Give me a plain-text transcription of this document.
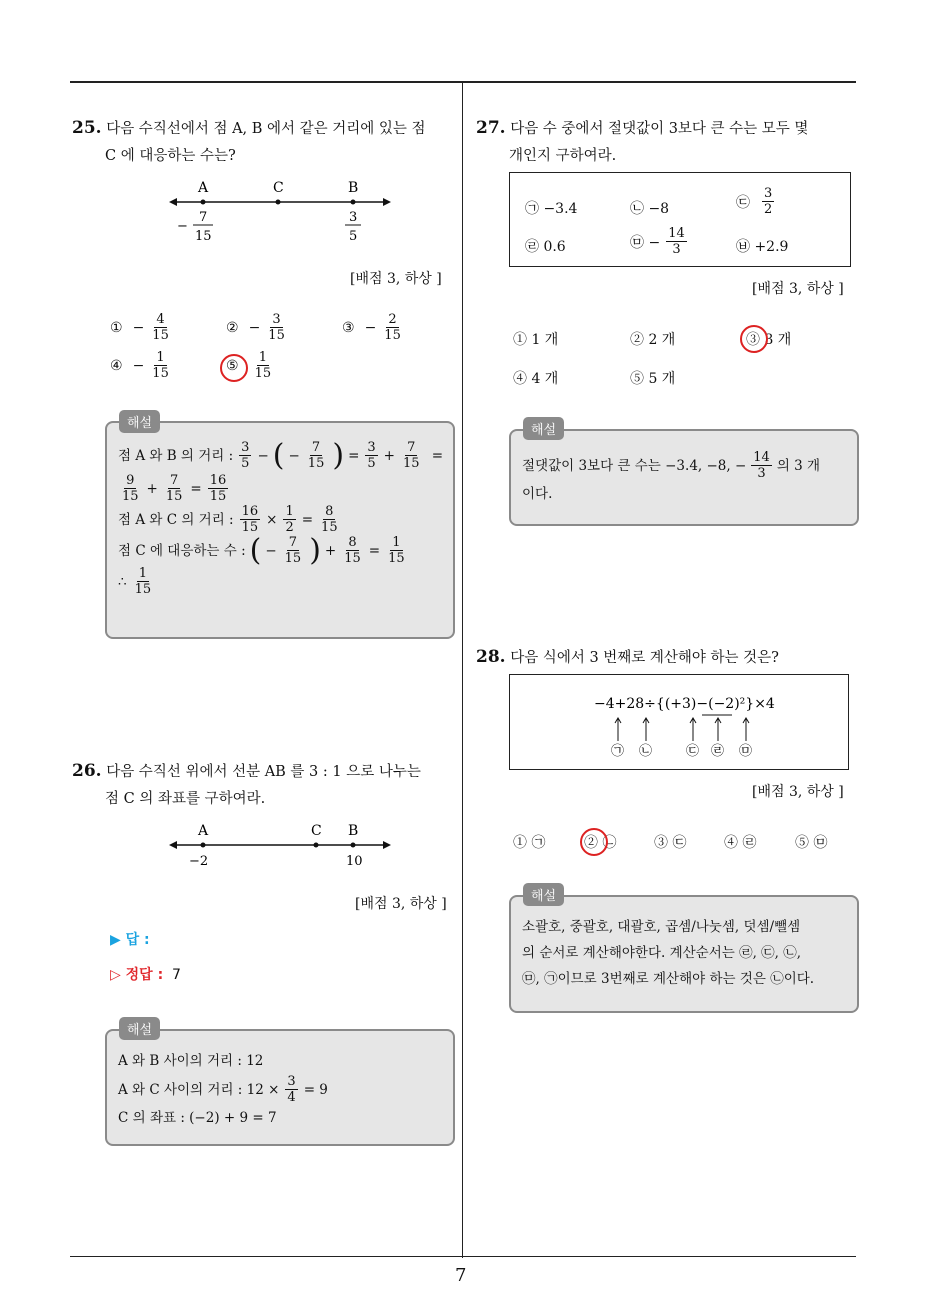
7
25. 다음 수직선에서 점 A, B 에서 같은 거리에 있는 점
C 에 대응하는 수는?
A	C	B
−
7
15
3
5
[배점 3, 하상 ]
① − $\frac{4}{15}$	② − $\frac{3}{15}$	③ − $\frac{2}{15}$
④ − $\frac{1}{15}$	⑤ $\frac{1}{15}$
해설
점 A 와 B 의 거리 : $\frac{3}{5}$ − ( − $\frac{7}{15}$ ) = $\frac{3}{5} + \frac{7}{15}$ =
$\frac{9}{15} + \frac{7}{15} = \frac{16}{15}$
점 A 와 C 의 거리 : $\frac{16}{15} \times \frac{1}{2} = \frac{8}{15}$
점 C 에 대응하는 수 : ( − $\frac{7}{15}$ ) + $\frac{8}{15} = \frac{1}{15}$
∴ $\frac{1}{15}$
26. 다음 수직선 위에서 선분 AB 를 3 : 1 으로 나누는
점 C 의 좌표를 구하여라.
A	C B
−2	10
[배점 3, 하상 ]
▶ 답 :
▷ 정답 : 7
해설
A 와 B 사이의 거리 : 12
A 와 C 사이의 거리 : $12 \times \frac{3}{4} = 9$
C 의 좌표 : (−2) + 9 = 7
27. 다음 수 중에서 절댓값이 3보다 큰 수는 모두 몇
개인지 구하여라.
㉠ −3.4	㉡ −8	㉢ $\frac{3}{2}$
㉣ 0.6	㉤ − $\frac{14}{3}$	㉥ +2.9
[배점 3, 하상 ]
① 1 개	② 2 개	③ 3 개
④ 4 개	⑤ 5 개
해설
절댓값이 3보다 큰 수는 −3.4, −8, − $\frac{14}{3}$ 의 3 개
이다.
28. 다음 식에서 3 번째로 계산해야 하는 것은?
−4+28÷{(+3)−(−2)²}×4
㉠ ㉡	㉢ ㉣ ㉤
[배점 3, 하상 ]
① ㉠	② ㉡	③ ㉢	④ ㉣	⑤ ㉤
해설
소괄호, 중괄호, 대괄호, 곱셈/나눗셈, 덧셈/뺄셈
의 순서로 계산해야한다. 계산순서는 ㉣, ㉢, ㉡,
㉤, ㉠이므로 3번째로 계산해야 하는 것은 ㉡이다.
